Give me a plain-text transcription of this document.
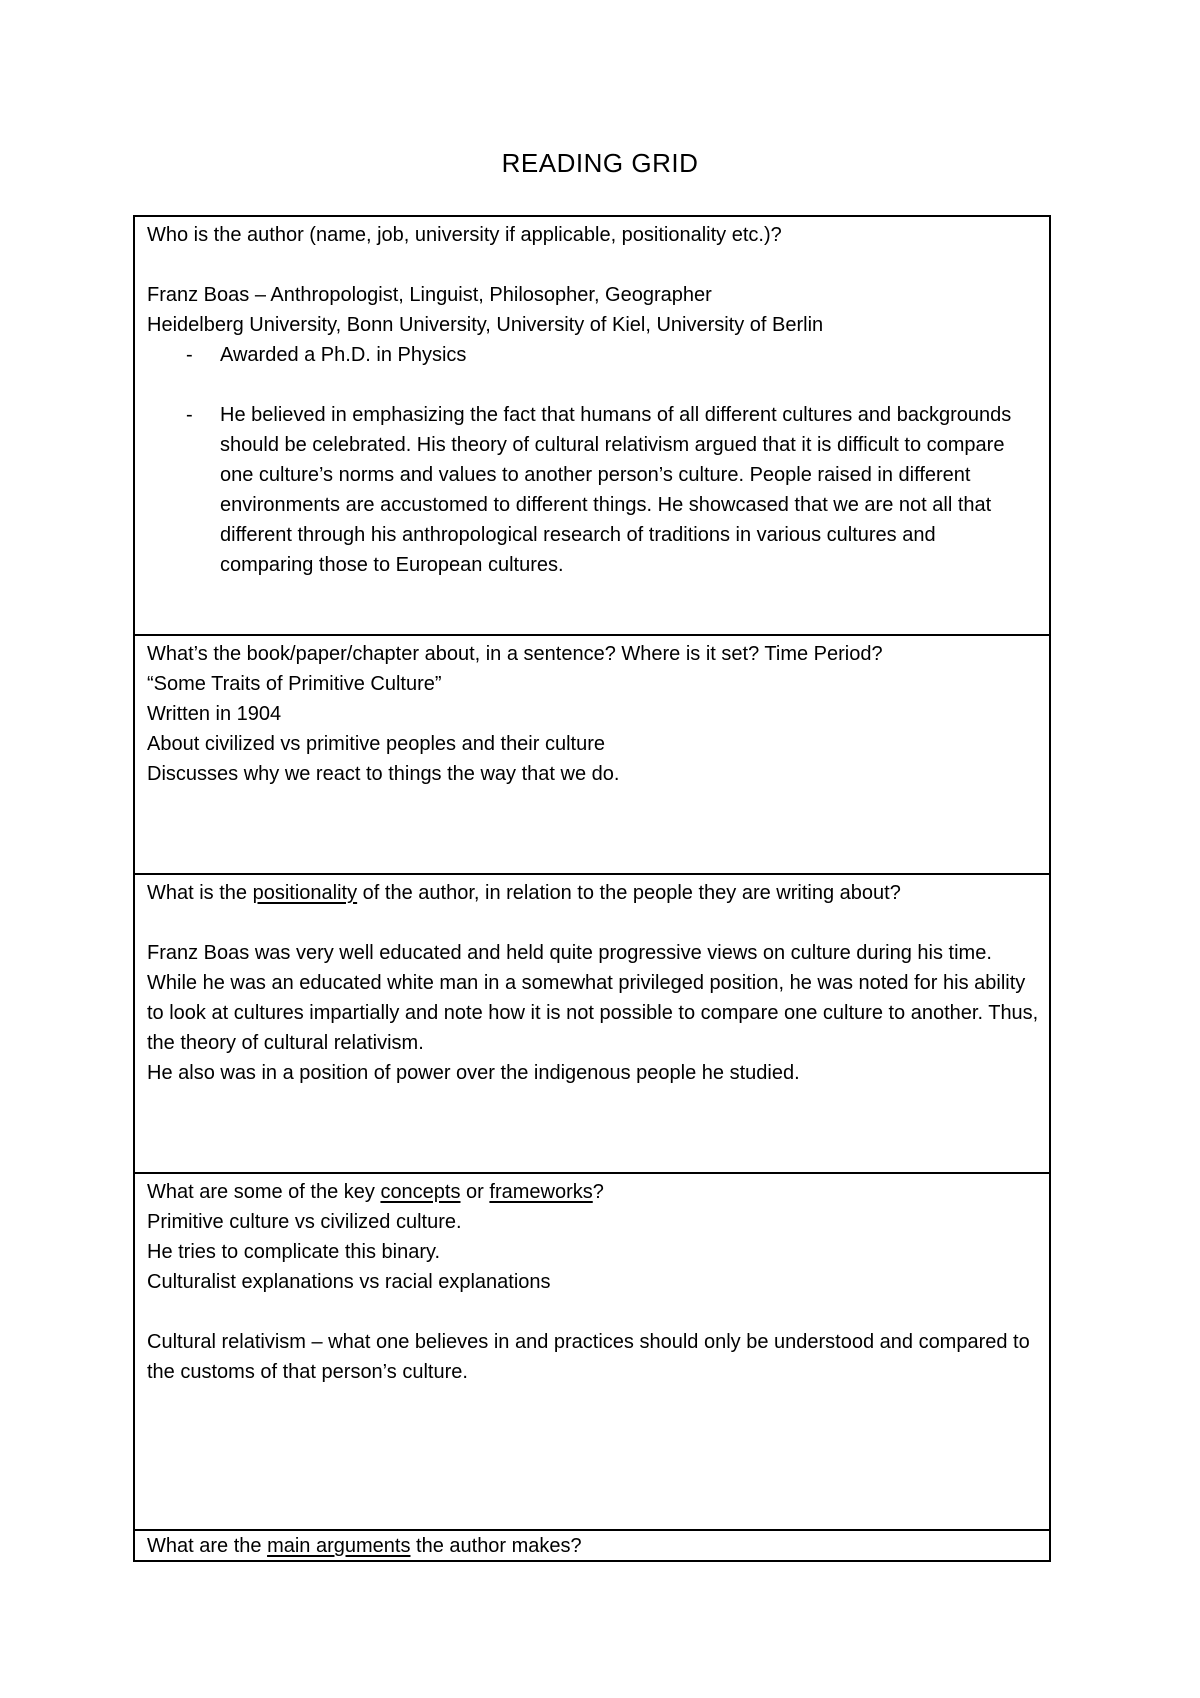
READING GRID
Who is the author (name, job, university if applicable, positionality etc.)?
Franz Boas – Anthropologist, Linguist, Philosopher, Geographer
Heidelberg University, Bonn University, University of Kiel, University of Berlin
-	Awarded a Ph.D. in Physics
-	He believed in emphasizing the fact that humans of all different cultures and backgrounds should be celebrated. His theory of cultural relativism argued that it is difficult to compare one culture’s norms and values to another person’s culture. People raised in different environments are accustomed to different things. He showcased that we are not all that different through his anthropological research of traditions in various cultures and comparing those to European cultures.
What’s the book/paper/chapter about, in a sentence? Where is it set? Time Period?
“Some Traits of Primitive Culture”
Written in 1904
About civilized vs primitive peoples and their culture
Discusses why we react to things the way that we do.
What is the positionality of the author, in relation to the people they are writing about?
Franz Boas was very well educated and held quite progressive views on culture during his time. While he was an educated white man in a somewhat privileged position, he was noted for his ability to look at cultures impartially and note how it is not possible to compare one culture to another. Thus, the theory of cultural relativism.
He also was in a position of power over the indigenous people he studied.
What are some of the key concepts or frameworks?
Primitive culture vs civilized culture.
He tries to complicate this binary.
Culturalist explanations vs racial explanations
Cultural relativism – what one believes in and practices should only be understood and compared to the customs of that person’s culture.
What are the main arguments the author makes?
